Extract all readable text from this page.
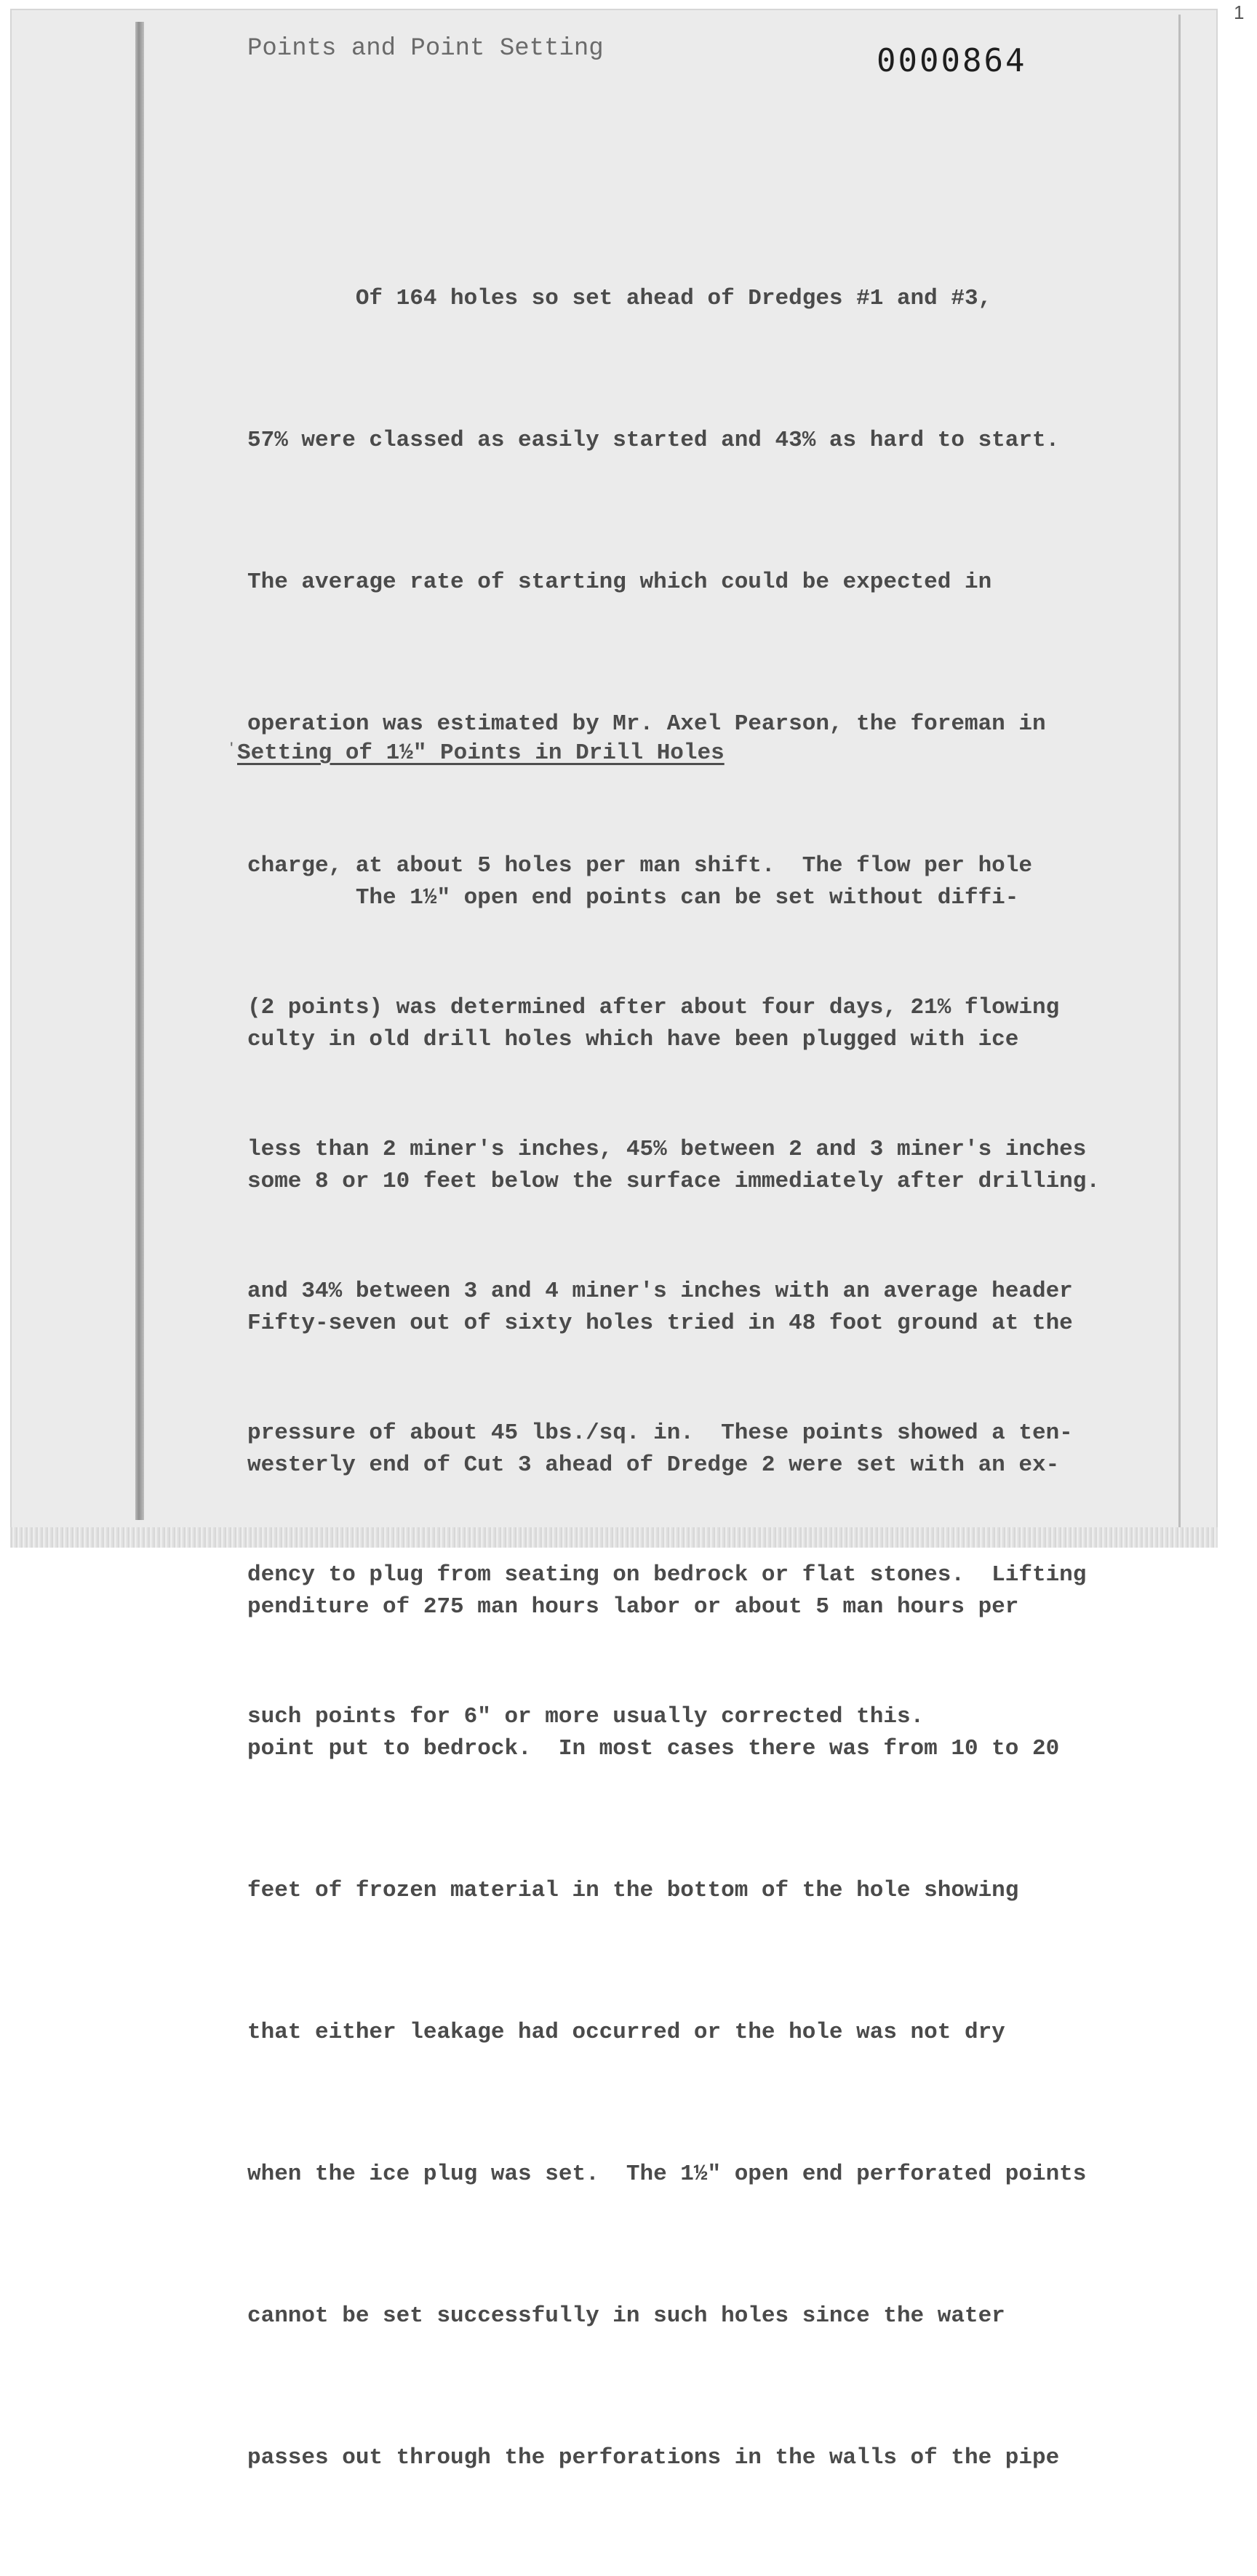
1

Points and Point Setting	0000864

Of 164 holes so set ahead of Dredges #1 and #3,

57% were classed as easily started and 43% as hard to start.

The average rate of starting which could be expected in

operation was estimated by Mr. Axel Pearson, the foreman in

charge, at about 5 holes per man shift.  The flow per hole

(2 points) was determined after about four days, 21% flowing

less than 2 miner's inches, 45% between 2 and 3 miner's inches

and 34% between 3 and 4 miner's inches with an average header

pressure of about 45 lbs./sq. in.  These points showed a ten-

dency to plug from seating on bedrock or flat stones.  Lifting

such points for 6" or more usually corrected this.

' Setting of 1½" Points in Drill Holes

The 1½" open end points can be set without diffi-

culty in old drill holes which have been plugged with ice

some 8 or 10 feet below the surface immediately after drilling.

Fifty-seven out of sixty holes tried in 48 foot ground at the

westerly end of Cut 3 ahead of Dredge 2 were set with an ex-

penditure of 275 man hours labor or about 5 man hours per

point put to bedrock.  In most cases there was from 10 to 20

feet of frozen material in the bottom of the hole showing

that either leakage had occurred or the hole was not dry

when the ice plug was set.  The 1½" open end perforated points

cannot be set successfully in such holes since the water

passes out through the perforations in the walls of the pipe
